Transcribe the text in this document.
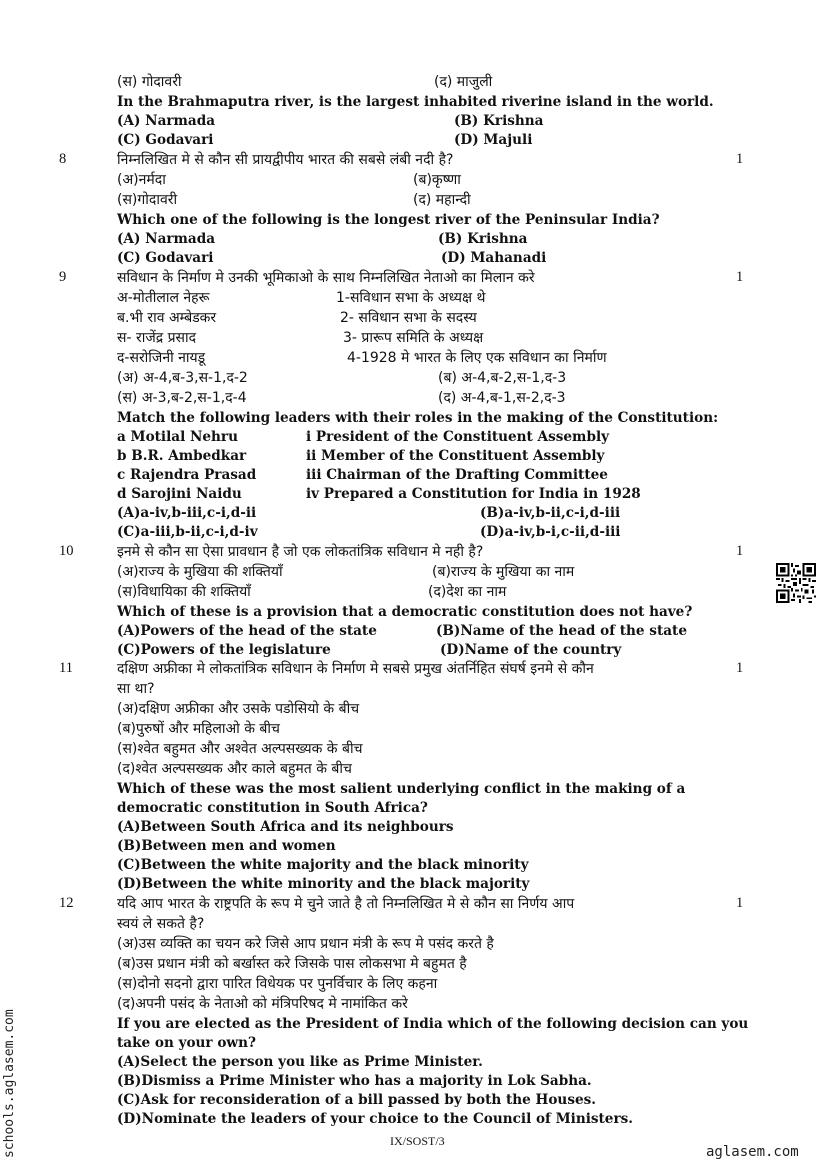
(स) गोदावरी	(द) माजुली
In the Brahmaputra river, is the largest inhabited riverine island in the world.
(A) Narmada	(B) Krishna
(C) Godavari	(D) Majuli
8	1
निम्नलिखित मे से कौन सी प्रायद्वीपीय भारत की सबसे लंबी नदी है?
(अ)नर्मदा	(ब)कृष्णा
(स)गोदावरी	(द) महान्दी
Which one of the following is the longest river of the Peninsular India?
(A) Narmada	(B) Krishna
(C) Godavari	(D) Mahanadi
9	1
सविधान के निर्माण मे उनकी भूमिकाओ के साथ निम्नलिखित नेताओ का मिलान करे
अ-मोतीलाल नेहरू	1-सविधान सभा के अध्यक्ष थे
ब.भी राव अम्बेडकर	2- सविधान सभा के सदस्य
स- राजेंद्र प्रसाद	3- प्रारूप समिति के अध्यक्ष
द-सरोजिनी नायडू	4-1928 मे भारत के लिए एक सविधान का निर्माण
(अ) अ-4,ब-3,स-1,द-2	(ब) अ-4,ब-2,स-1,द-3
(स) अ-3,ब-2,स-1,द-4	(द) अ-4,ब-1,स-2,द-3
Match the following leaders with their roles in the making of the Constitution:
a Motilal Nehru	i President of the Constituent Assembly
b B.R. Ambedkar	ii Member of the Constituent Assembly
c Rajendra Prasad	iii Chairman of the Drafting Committee
d Sarojini Naidu	iv Prepared a Constitution for India in 1928
(A)a-iv,b-iii,c-i,d-ii	(B)a-iv,b-ii,c-i,d-iii
(C)a-iii,b-ii,c-i,d-iv	(D)a-iv,b-i,c-ii,d-iii
10	1
इनमे से कौन सा ऐसा प्रावधान है जो एक लोकतांत्रिक सविधान मे नही है?
(अ)राज्य के मुखिया की शक्तियाँ	(ब)राज्य के मुखिया का नाम
(स)विधायिका की शक्तियाँ	(द)देश का नाम
Which of these is a provision that a democratic constitution does not have?
(A)Powers of the head of the state	(B)Name of the head of the state
(C)Powers of the legislature	(D)Name of the country
11	1
दक्षिण अफ्रीका मे लोकतांत्रिक सविधान के निर्माण मे सबसे प्रमुख अंतर्निहित संघर्ष इनमे से कौन
सा था?
(अ)दक्षिण अफ्रीका और उसके पडोसियो के बीच
(ब)पुरुषों और महिलाओ के बीच
(स)श्वेत बहुमत और अश्वेत अल्पसख्यक के बीच
(द)श्वेत अल्पसख्यक और काले बहुमत के बीच
Which of these was the most salient underlying conflict in the making of a
democratic constitution in South Africa?
(A)Between South Africa and its neighbours
(B)Between men and women
(C)Between the white majority and the black minority
(D)Between the white minority and the black majority
12	1
यदि आप भारत के राष्ट्रपति के रूप मे चुने जाते है तो निम्नलिखित मे से कौन सा निर्णय आप
स्वयं ले सकते है?
(अ)उस व्यक्ति का चयन करे जिसे आप प्रधान मंत्री के रूप मे पसंद करते है
(ब)उस प्रधान मंत्री को बर्खास्त करे जिसके पास लोकसभा मे बहुमत है
(स)दोनो सदनो द्वारा पारित विधेयक पर पुनर्विचार के लिए कहना
(द)अपनी पसंद के नेताओ को मंत्रिपरिषद मे नामांकित करे
If you are elected as the President of India which of the following decision can you
take on your own?
(A)Select the person you like as Prime Minister.
(B)Dismiss a Prime Minister who has a majority in Lok Sabha.
(C)Ask for reconsideration of a bill passed by both the Houses.
(D)Nominate the leaders of your choice to the Council of Ministers.
IX/SOST/3
aglasem.com
schools.aglasem.com
